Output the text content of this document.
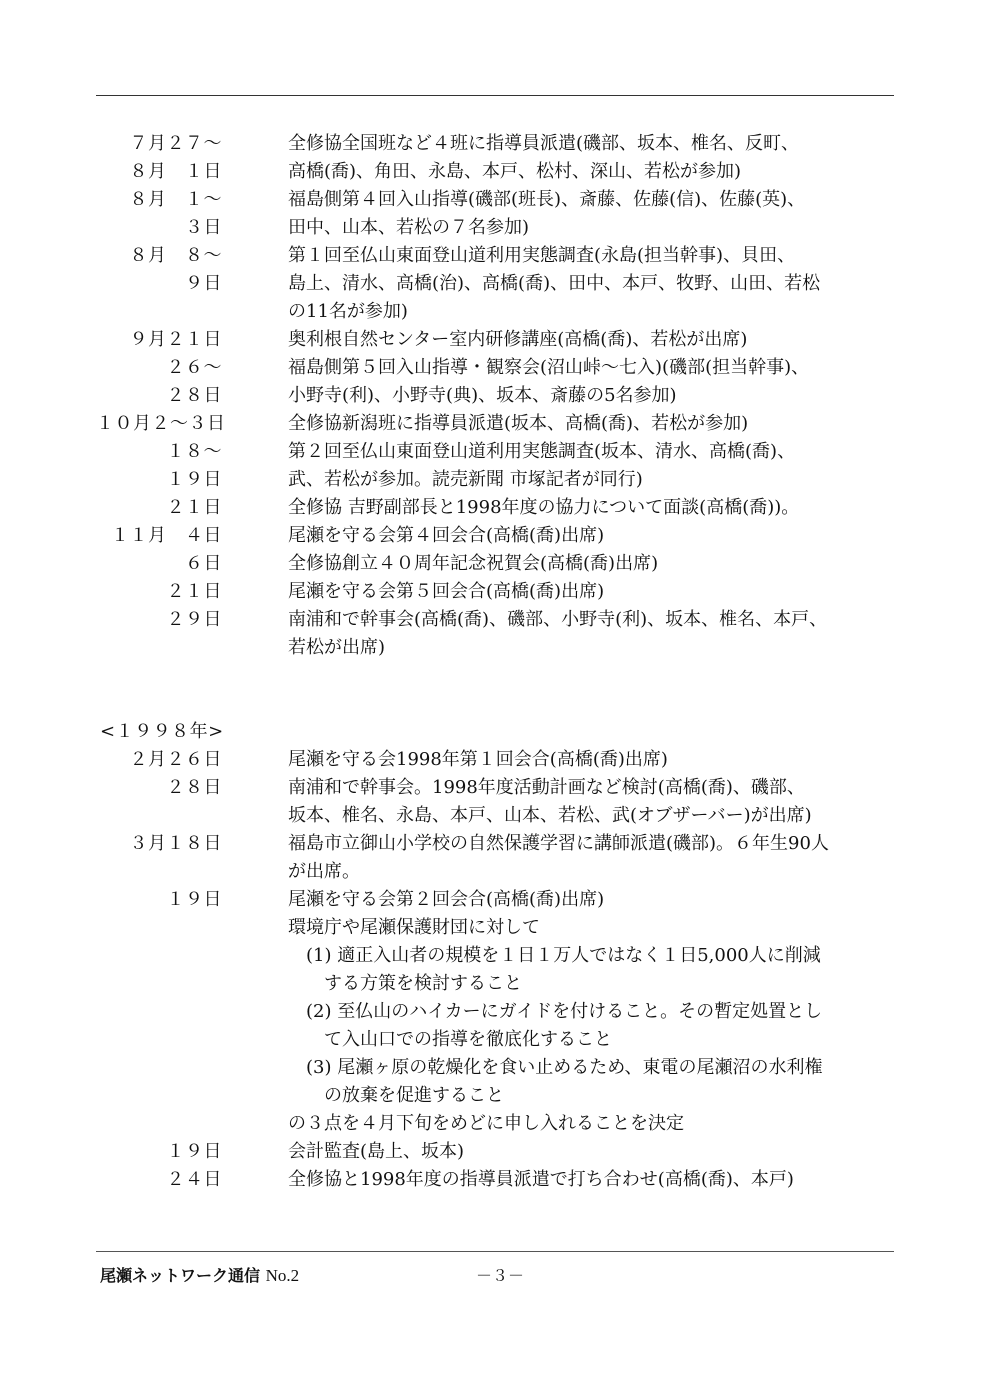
７月２７～	全修協全国班など４班に指導員派遣(磯部、坂本、椎名、反町、
８月　１日	高橋(喬)、角田、永島、本戸、松村、深山、若松が参加)
８月　１～	福島側第４回入山指導(磯部(班長)、斎藤、佐藤(信)、佐藤(英)、
３日	田中、山本、若松の７名参加)
８月　８～	第１回至仏山東面登山道利用実態調査(永島(担当幹事)、貝田、
９日	島上、清水、高橋(治)、高橋(喬)、田中、本戸、牧野、山田、若松
の11名が参加)
９月２１日	奥利根自然センター室内研修講座(高橋(喬)、若松が出席)
２６～	福島側第５回入山指導・観察会(沼山峠～七入)(磯部(担当幹事)、
２８日	小野寺(利)、小野寺(典)、坂本、斎藤の5名参加)
１０月２～３日	全修協新潟班に指導員派遣(坂本、高橋(喬)、若松が参加)
１８～	第２回至仏山東面登山道利用実態調査(坂本、清水、高橋(喬)、
１９日	武、若松が参加。読売新聞 市塚記者が同行)
２１日	全修協 吉野副部長と1998年度の協力について面談(高橋(喬))。
１１月　４日	尾瀬を守る会第４回会合(高橋(喬)出席)
６日	全修協創立４０周年記念祝賀会(高橋(喬)出席)
２１日	尾瀬を守る会第５回会合(高橋(喬)出席)
２９日	南浦和で幹事会(高橋(喬)、磯部、小野寺(利)、坂本、椎名、本戸、
若松が出席)
<１９９８年>
２月２６日	尾瀬を守る会1998年第１回会合(高橋(喬)出席)
２８日	南浦和で幹事会。1998年度活動計画など検討(高橋(喬)、磯部、
坂本、椎名、永島、本戸、山本、若松、武(オブザーバー)が出席)
３月１８日	福島市立御山小学校の自然保護学習に講師派遣(磯部)。６年生90人
が出席。
１９日	尾瀬を守る会第２回会合(高橋(喬)出席)
環境庁や尾瀬保護財団に対して
　(1) 適正入山者の規模を１日１万人ではなく１日5,000人に削減
　　する方策を検討すること
　(2) 至仏山のハイカーにガイドを付けること。その暫定処置とし
　　て入山口での指導を徹底化すること
　(3) 尾瀬ヶ原の乾燥化を食い止めるため、東電の尾瀬沼の水利権
　　の放棄を促進すること
の３点を４月下旬をめどに申し入れることを決定
１９日	会計監査(島上、坂本)
２４日	全修協と1998年度の指導員派遣で打ち合わせ(高橋(喬)、本戸)
尾瀬ネットワーク通信 No.2	－３－
